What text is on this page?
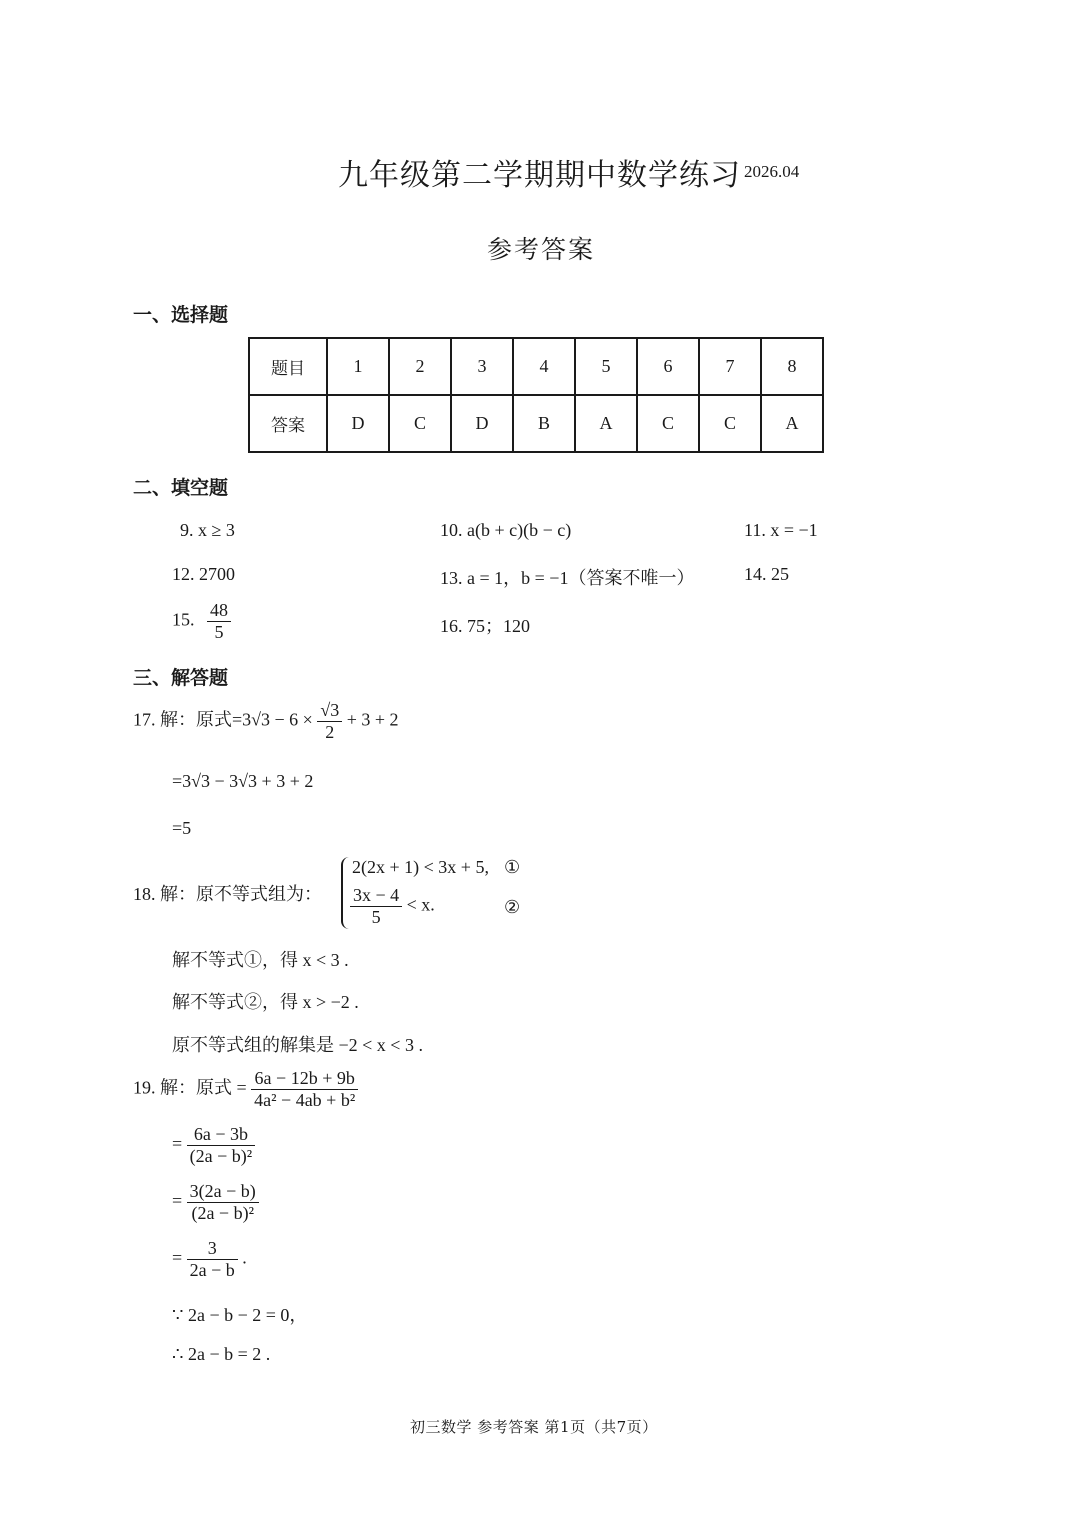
九年级第二学期期中数学练习 2026.04
参考答案
一、选择题
题目	1	2	3	4	5	6	7	8
答案	D	C	D	B	A	C	C	A
二、填空题
9. x ≥ 3	10. a(b + c)(b − c)	11. x = −1
12. 2700	13. a = 1，b = −1（答案不唯一）	14. 25
15. $\frac{48}{5}$	16. 75；120
三、解答题
17. 解：原式$=3√3 - 6 \times \frac{√3}{2} + 3 + 2$
=3√3 − 3√3 + 3 + 2
=5
18. 解：原不等式组为：
2(2x + 1) < 3x + 5, ①
$\frac{3x - 4}{5} < x$.	②
解不等式①，得 x < 3 .
解不等式②，得 x > −2 .
原不等式组的解集是 −2 < x < 3 .
19. 解：原式 = $\frac{6a - 12b + 9b}{\text{4a² − 4ab + b²}}$
= $\frac{6a - 3b}{\text{(2a − b)²}}$
= $\frac{3(2a - b)}{\text{(2a − b)²}}$
= $\frac{3}{2a - b}$ .
∵ 2a − b − 2 = 0，
∴ 2a − b = 2 .
初三数学 参考答案 第1页（共7页）
